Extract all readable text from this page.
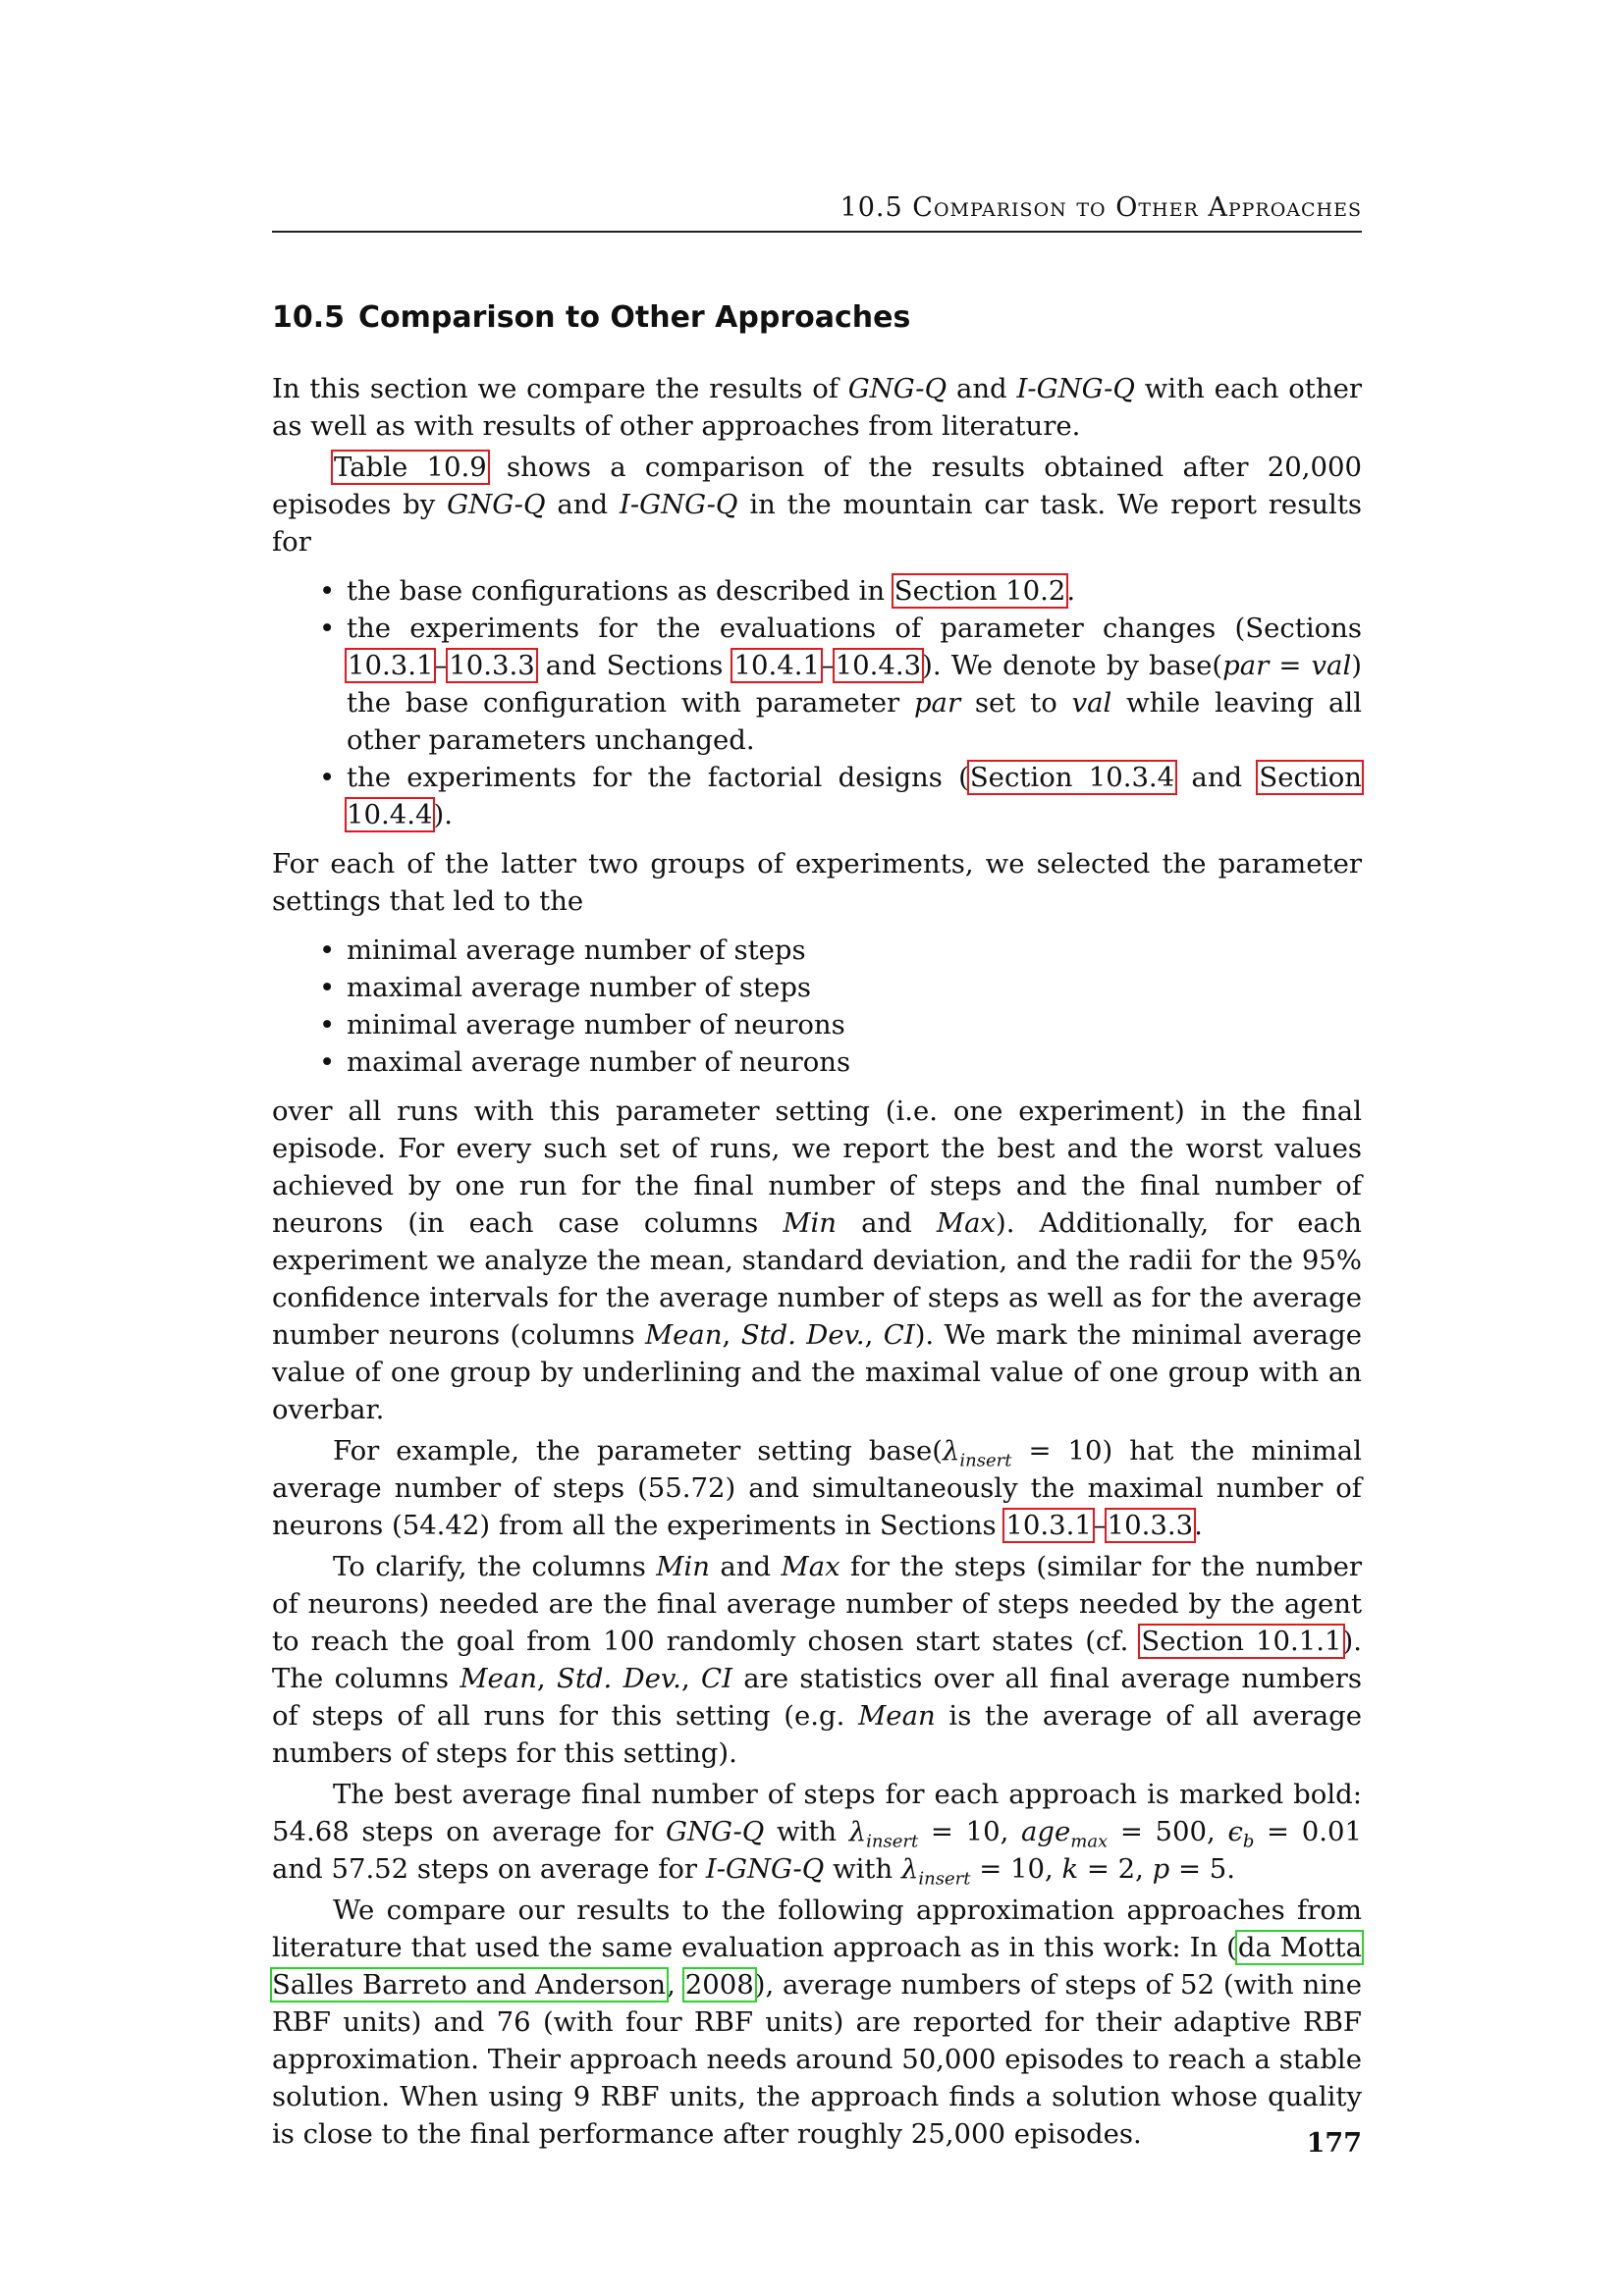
10.5 Comparison to Other Approaches
10.5 Comparison to Other Approaches

In this section we compare the results of GNG-Q and I-GNG-Q with each other as well as with results of other approaches from literature.

Table 10.9 shows a comparison of the results obtained after 20,000 episodes by GNG-Q and I-GNG-Q in the mountain car task. We report results for

• the base configurations as described in Section 10.2.
• the experiments for the evaluations of parameter changes (Sections 10.3.1–10.3.3 and Sections 10.4.1–10.4.3). We denote by base(par = val) the base configuration with parameter par set to val while leaving all other parameters unchanged.
• the experiments for the factorial designs (Section 10.3.4 and Section 10.4.4).

For each of the latter two groups of experiments, we selected the parameter settings that led to the

• minimal average number of steps
• maximal average number of steps
• minimal average number of neurons
• maximal average number of neurons

over all runs with this parameter setting (i.e. one experiment) in the final episode. For every such set of runs, we report the best and the worst values achieved by one run for the final number of steps and the final number of neurons (in each case columns Min and Max). Additionally, for each experiment we analyze the mean, standard deviation, and the radii for the 95% confidence intervals for the average number of steps as well as for the average number neurons (columns Mean, Std. Dev., CI). We mark the minimal average value of one group by underlining and the maximal value of one group with an overbar.

For example, the parameter setting $base(\lambda_{insert} = 10)$ hat the minimal average number of steps (55.72) and simultaneously the maximal number of neurons (54.42) from all the experiments in Sections 10.3.1–10.3.3.

To clarify, the columns Min and Max for the steps (similar for the number of neurons) needed are the final average number of steps needed by the agent to reach the goal from 100 randomly chosen start states (cf. Section 10.1.1). The columns Mean, Std. Dev., CI are statistics over all final average numbers of steps of all runs for this setting (e.g. Mean is the average of all average numbers of steps for this setting).

The best average final number of steps for each approach is marked bold: 54.68 steps on average for GNG-Q with $\lambda_{insert} = 10$, age$_{max}$ = 500, $\epsilon_b = 0.01$ and 57.52 steps on average for I-GNG-Q with $\lambda_{insert} = 10$, k = 2, p = 5.

We compare our results to the following approximation approaches from literature that used the same evaluation approach as in this work: In (da Motta Salles Barreto and Anderson, 2008), average numbers of steps of 52 (with nine RBF units) and 76 (with four RBF units) are reported for their adaptive RBF approximation. Their approach needs around 50,000 episodes to reach a stable solution. When using 9 RBF units, the approach finds a solution whose quality is close to the final performance after roughly 25,000 episodes.	177
